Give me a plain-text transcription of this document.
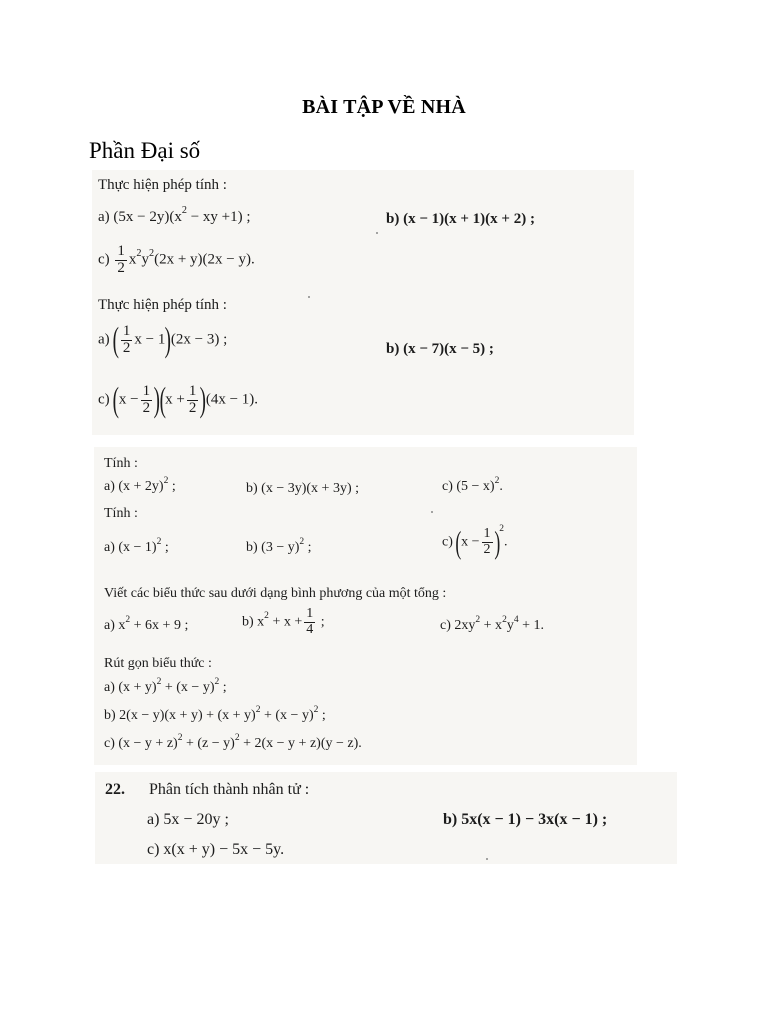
BÀI TẬP VỀ NHÀ
Phần Đại số
Thực hiện phép tính :
a) $(5x - 2y)(x^2$ − xy +1) ;	b) (x − 1)(x + 1)(x + 2) ;
$c) \frac{1}{2} x^2y^2(2x + y)(2x - y)$.
Thực hiện phép tính :
a) ( $\frac{1}{2}$ x − 1)(2x − 3) ;
b) (x − 7)(x − 5) ;
c) $(x - \frac{1}{2} )(x + \frac{1}{2} )(4x - 1)$.
Tính :
a) $(x + 2y)^2$ ;	b) (x − 3y)(x + 3y) ;	c) $(5 - x)^2$.
Tính :
a) $(x - 1)^2$ ;	b) $(3 - y)^2$ ;	c) $(x - \frac{1}{2} )^2$.
Viết các biểu thức sau dưới dạng bình phương của một tổng :
a) $x^2 + 6x + 9$ ;	b) $x^2 + x + \frac{1}{4}$ ;	c) $2xy^2 + x^2y^4 + 1$.
Rút gọn biểu thức :
a) $(x + y)^2 + (x - y)^2$ ;
b) $2(x - y)(x + y) + (x + y)^2 + (x - y)^2$ ;
c) $(x - y + z)^2 + (z - y)^2 + 2(x - y + z)(y - z)$.
22. Phân tích thành nhân tử :
a) 5x − 20y ;	b) 5x(x − 1) − 3x(x − 1) ;
c) x(x + y) − 5x − 5y.
